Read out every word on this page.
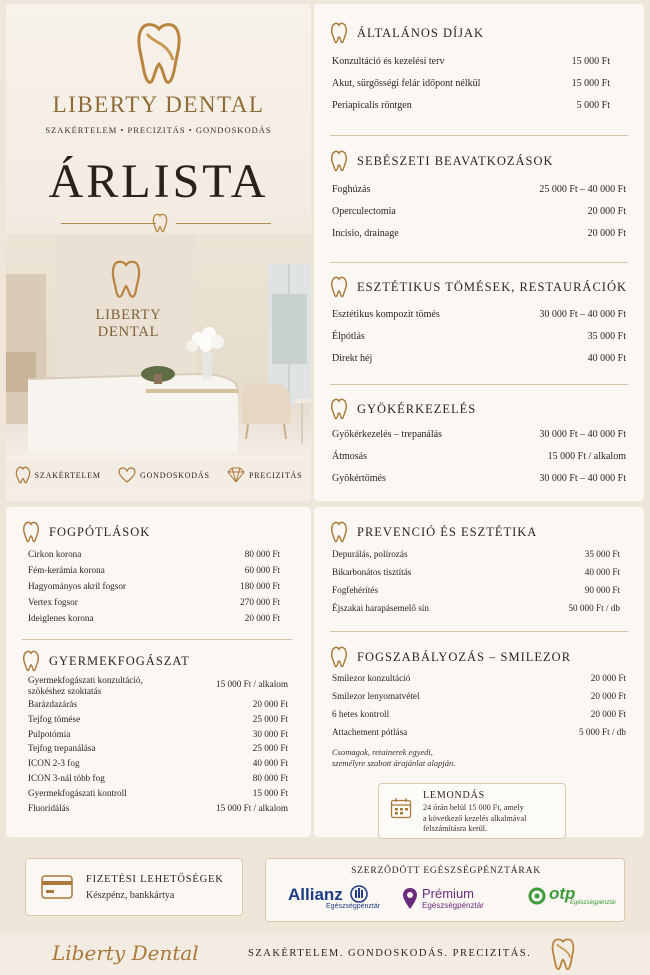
LIBERTY DENTAL
SZAKÉRTELEM • PRECIZITÁS • GONDOSKODÁS
ÁRLISTA
LIBERTY DENTAL
SZAKÉRTELEM	GONDOSKODÁS	PRECIZITÁS
ÁLTALÁNOS DÍJAK
Konzultáció és kezelési terv	15 000 Ft
Akut, sürgősségi felár időpont nélkül	15 000 Ft
Periapicalis röntgen	5 000 Ft
SEBÉSZETI BEAVATKOZÁSOK
Foghúzás	25 000 Ft – 40 000 Ft
Operculectomia	20 000 Ft
Incisio, drainage	20 000 Ft
ESZTÉTIKUS TÖMÉSEK, RESTAURÁCIÓK
Esztétikus kompozit tömés	30 000 Ft – 40 000 Ft
Élpótlás	35 000 Ft
Direkt héj	40 000 Ft
GYÖKÉRKEZELÉS
Gyökérkezelés – trepanálás	30 000 Ft – 40 000 Ft
Átmosás	15 000 Ft / alkalom
Gyökértömés	30 000 Ft – 40 000 Ft
FOGPÓTLÁSOK
Cirkon korona	80 000 Ft
Fém-kerámia korona	60 000 Ft
Hagyományos akril fogsor	180 000 Ft
Vertex fogsor	270 000 Ft
Ideiglenes korona	20 000 Ft
GYERMEKFOGÁSZAT
Gyermekfogászati konzultáció,
szökéshez szoktatás
15 000 Ft / alkalom
Barázdazárás	20 000 Ft
Tejfog tömése	25 000 Ft
Pulpotómia	30 000 Ft
Tejfog trepanálása	25 000 Ft
ICON 2-3 fog	40 000 Ft
ICON 3-nál több fog	80 000 Ft
Gyermekfogászati kontroll	15 000 Ft
Fluoridálás	15 000 Ft / alkalom
PREVENCIÓ ÉS ESZTÉTIKA
Depurálás, polírozás	35 000 Ft
Bikarbonátos tisztítás	40 000 Ft
Fogfehérítés	90 000 Ft
Éjszakai harapásemelő sín	50 000 Ft / db
FOGSZABÁLYOZÁS – SMILEZOR
Smilezor konzultáció	20 000 Ft
Smilezor lenyomatvétel	20 000 Ft
6 hetes kontroll	20 000 Ft
Attachement pótlása	5 000 Ft / db
Csomagok, retainerek egyedi,
személyre szabott árajánlat alapján.
LEMONDÁS
24 órán belül 15 000 Ft, amely
a következő kezelés alkalmával
felszámításra kerül.
FIZETÉSI LEHETŐSÉGEK
Készpénz, bankkártya
SZERZŐDÖTT EGÉSZSÉGPÉNZTÁRAK
Allianz
Egészségpénztár
Prémium
Egészségpénztár
otp
Egészségpénztár
Liberty Dental	SZAKÉRTELEM. GONDOSKODÁS. PRECIZITÁS.
